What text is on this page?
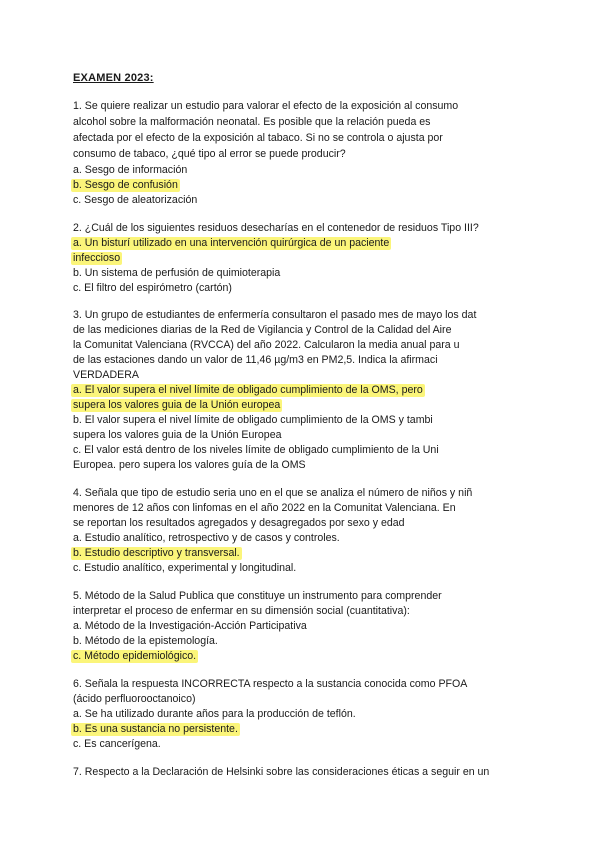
EXAMEN 2023:
1. Se quiere realizar un estudio para valorar el efecto de la exposición al consumo
alcohol sobre la malformación neonatal. Es posible que la relación pueda es
afectada por el efecto de la exposición al tabaco. Si no se controla o ajusta por
consumo de tabaco, ¿qué tipo al error se puede producir?
a. Sesgo de información
b. Sesgo de confusión
c. Sesgo de aleatorización
2. ¿Cuál de los siguientes residuos desecharías en el contenedor de residuos Tipo III?
a. Un bisturí utilizado en una intervención quirúrgica de un paciente
infeccioso
b. Un sistema de perfusión de quimioterapia
c. El filtro del espirómetro (cartón)
3. Un grupo de estudiantes de enfermería consultaron el pasado mes de mayo los dat
de las mediciones diarias de la Red de Vigilancia y Control de la Calidad del Aire
la Comunitat Valenciana (RVCCA) del año 2022. Calcularon la media anual para u
de las estaciones dando un valor de 11,46 µg/m3 en PM2,5. Indica la afirmaci
VERDADERA
a. El valor supera el nivel límite de obligado cumplimiento de la OMS, pero
supera los valores guia de la Unión europea
b. El valor supera el nivel límite de obligado cumplimiento de la OMS y tambi
supera los valores guia de la Unión Europea
c. El valor está dentro de los niveles límite de obligado cumplimiento de la Uni
Europea. pero supera los valores guía de la OMS
4. Señala que tipo de estudio seria uno en el que se analiza el número de niños y niñ
menores de 12 años con linfomas en el año 2022 en la Comunitat Valenciana. En
se reportan los resultados agregados y desagregados por sexo y edad
a. Estudio analítico, retrospectivo y de casos y controles.
b. Estudio descriptivo y transversal.
c. Estudio analítico, experimental y longitudinal.
5. Método de la Salud Publica que constituye un instrumento para comprender
interpretar el proceso de enfermar en su dimensión social (cuantitativa):
a. Método de la Investigación-Acción Participativa
b. Método de la epistemología.
c. Método epidemiológico.
6. Señala la respuesta INCORRECTA respecto a la sustancia conocida como PFOA
(ácido perfluorooctanoico)
a. Se ha utilizado durante años para la producción de teflón.
b. Es una sustancia no persistente.
c. Es cancerígena.
7. Respecto a la Declaración de Helsinki sobre las consideraciones éticas a seguir en un
